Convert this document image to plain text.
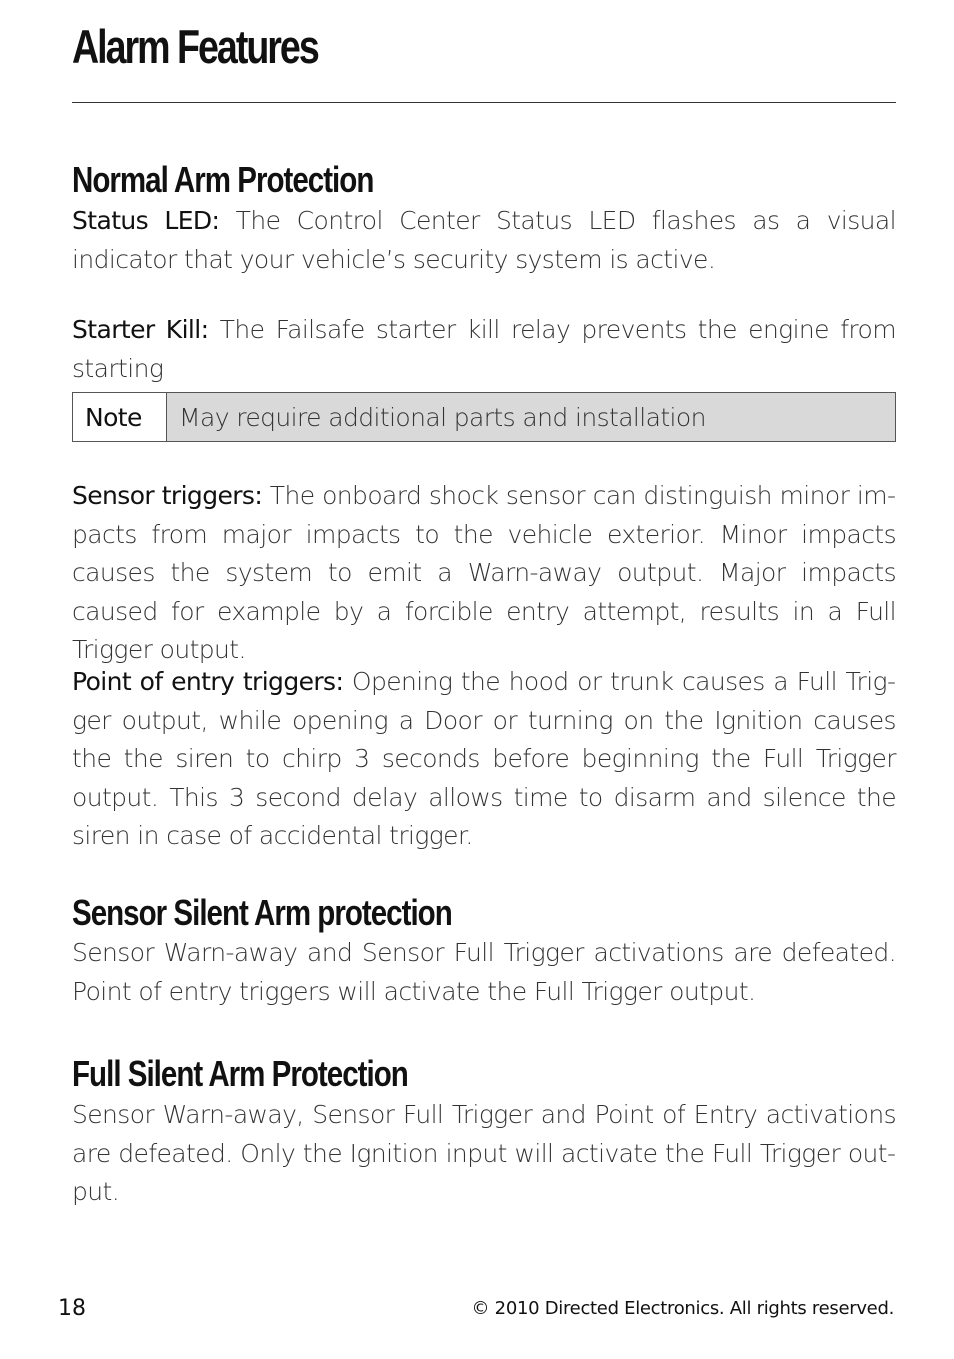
Alarm Features
Normal Arm Protection

Status LED: The Control Center Status LED flashes as a visual indicator that your vehicle’s security system is active.

Starter Kill: The Failsafe starter kill relay prevents the engine from starting

Note	May require additional parts and installation

Sensor triggers: The onboard shock sensor can distinguish minor impacts from major impacts to the vehicle exterior. Minor impacts causes the system to emit a Warn-away output. Major impacts caused for example by a forcible entry attempt, results in a Full Trigger output.

Point of entry triggers: Opening the hood or trunk causes a Full Trigger output, while opening a Door or turning on the Ignition causes the the siren to chirp 3 seconds before beginning the Full Trigger output. This 3 second delay allows time to disarm and silence the siren in case of accidental trigger.

Sensor Silent Arm protection

Sensor Warn-away and Sensor Full Trigger activations are defeated. Point of entry triggers will activate the Full Trigger output.

Full Silent Arm Protection

Sensor Warn-away, Sensor Full Trigger and Point of Entry activations are defeated. Only the Ignition input will activate the Full Trigger output.

18	© 2010 Directed Electronics. All rights reserved.
